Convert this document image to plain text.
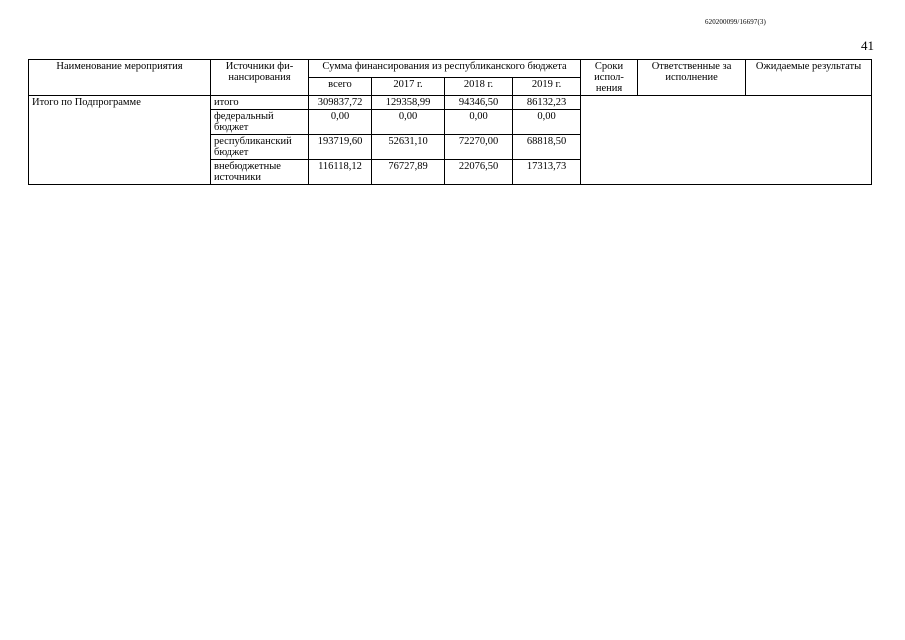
620200099/16697(3)
41
Наименование мероприятия	Источники фи-нансирования	Сумма финансирования из республиканского бюджета				Сроки испол-нения	Ответственные за исполнение	Ожидаемые результаты
		всего	2017 г.	2018 г.	2019 г.			
Итого по Подпрограмме	итого	309837,72	129358,99	94346,50	86132,23			
	федеральный бюджет	0,00	0,00	0,00	0,00			
	республиканский бюджет	193719,60	52631,10	72270,00	68818,50			
	внебюджетные источники	116118,12	76727,89	22076,50	17313,73			
